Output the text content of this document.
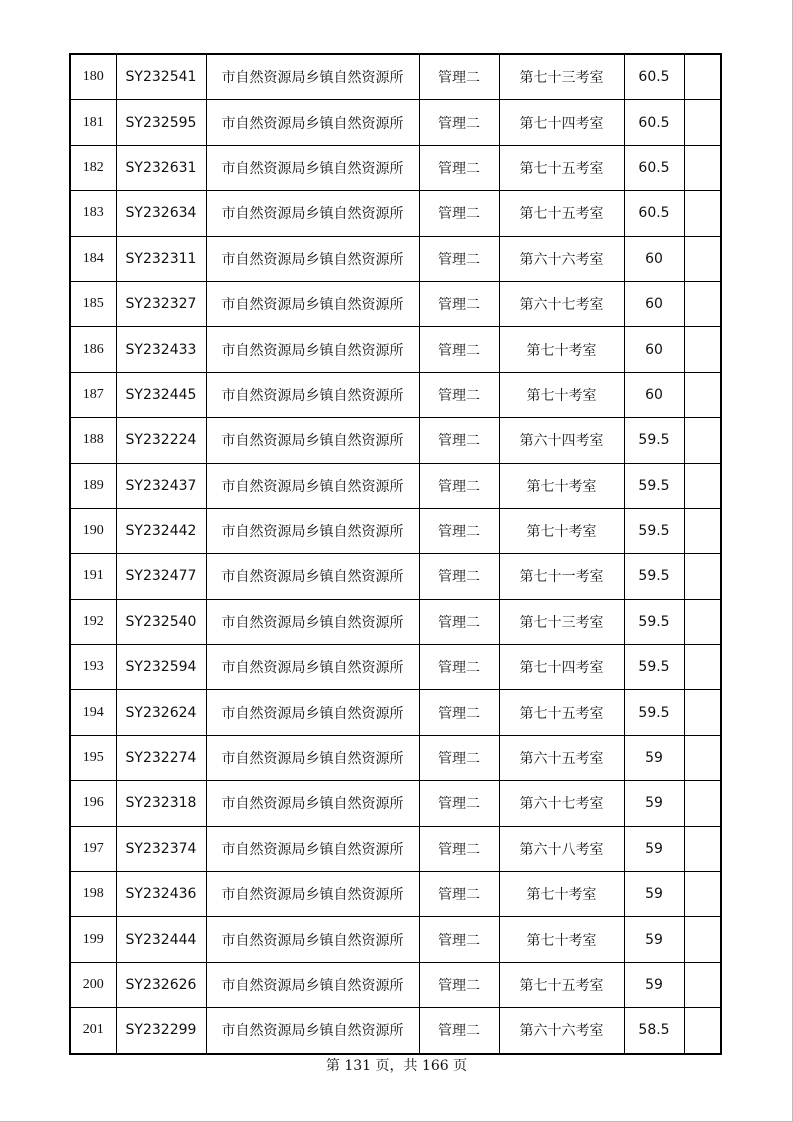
180	SY232541	市自然资源局乡镇自然资源所	管理二	第七十三考室	60.5	
181	SY232595	市自然资源局乡镇自然资源所	管理二	第七十四考室	60.5	
182	SY232631	市自然资源局乡镇自然资源所	管理二	第七十五考室	60.5	
183	SY232634	市自然资源局乡镇自然资源所	管理二	第七十五考室	60.5	
184	SY232311	市自然资源局乡镇自然资源所	管理二	第六十六考室	60	
185	SY232327	市自然资源局乡镇自然资源所	管理二	第六十七考室	60	
186	SY232433	市自然资源局乡镇自然资源所	管理二	第七十考室	60	
187	SY232445	市自然资源局乡镇自然资源所	管理二	第七十考室	60	
188	SY232224	市自然资源局乡镇自然资源所	管理二	第六十四考室	59.5	
189	SY232437	市自然资源局乡镇自然资源所	管理二	第七十考室	59.5	
190	SY232442	市自然资源局乡镇自然资源所	管理二	第七十考室	59.5	
191	SY232477	市自然资源局乡镇自然资源所	管理二	第七十一考室	59.5	
192	SY232540	市自然资源局乡镇自然资源所	管理二	第七十三考室	59.5	
193	SY232594	市自然资源局乡镇自然资源所	管理二	第七十四考室	59.5	
194	SY232624	市自然资源局乡镇自然资源所	管理二	第七十五考室	59.5	
195	SY232274	市自然资源局乡镇自然资源所	管理二	第六十五考室	59	
196	SY232318	市自然资源局乡镇自然资源所	管理二	第六十七考室	59	
197	SY232374	市自然资源局乡镇自然资源所	管理二	第六十八考室	59	
198	SY232436	市自然资源局乡镇自然资源所	管理二	第七十考室	59	
199	SY232444	市自然资源局乡镇自然资源所	管理二	第七十考室	59	
200	SY232626	市自然资源局乡镇自然资源所	管理二	第七十五考室	59	
201	SY232299	市自然资源局乡镇自然资源所	管理二	第六十六考室	58.5	
第 131 页，共 166 页
